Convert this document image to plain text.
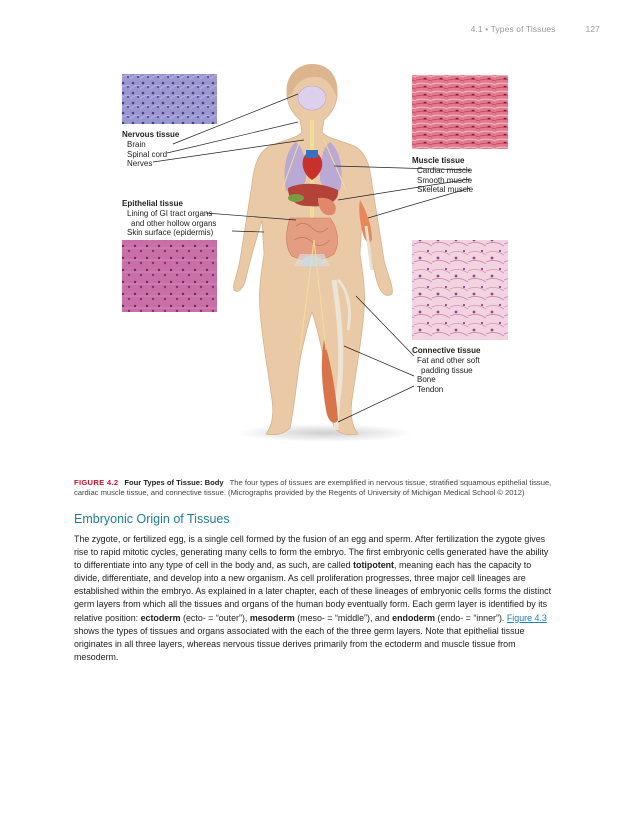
4.1 • Types of Tissues	127
Nervous tissue
Brain
Spinal cord
Nerves
Epithelial tissue
Lining of GI tract organs
and other hollow organs
Skin surface (epidermis)
Muscle tissue
Cardiac muscle
Smooth muscle
Skeletal muscle
Connective tissue
Fat and other soft
padding tissue
Bone
Tendon
FIGURE 4.2 Four Types of Tissue: Body The four types of tissues are exemplified in nervous tissue, stratified squamous epithelial tissue, cardiac muscle tissue, and connective tissue. (Micrographs provided by the Regents of University of Michigan Medical School © 2012)
Embryonic Origin of Tissues
The zygote, or fertilized egg, is a single cell formed by the fusion of an egg and sperm. After fertilization the zygote gives rise to rapid mitotic cycles, generating many cells to form the embryo. The first embryonic cells generated have the ability to differentiate into any type of cell in the body and, as such, are called totipotent, meaning each has the capacity to divide, differentiate, and develop into a new organism. As cell proliferation progresses, three major cell lineages are established within the embryo. As explained in a later chapter, each of these lineages of embryonic cells forms the distinct germ layers from which all the tissues and organs of the human body eventually form. Each germ layer is identified by its relative position: ectoderm (ecto- = “outer”), mesoderm (meso- = “middle”), and endoderm (endo- = “inner”). Figure 4.3 shows the types of tissues and organs associated with the each of the three germ layers. Note that epithelial tissue originates in all three layers, whereas nervous tissue derives primarily from the ectoderm and muscle tissue from mesoderm.
